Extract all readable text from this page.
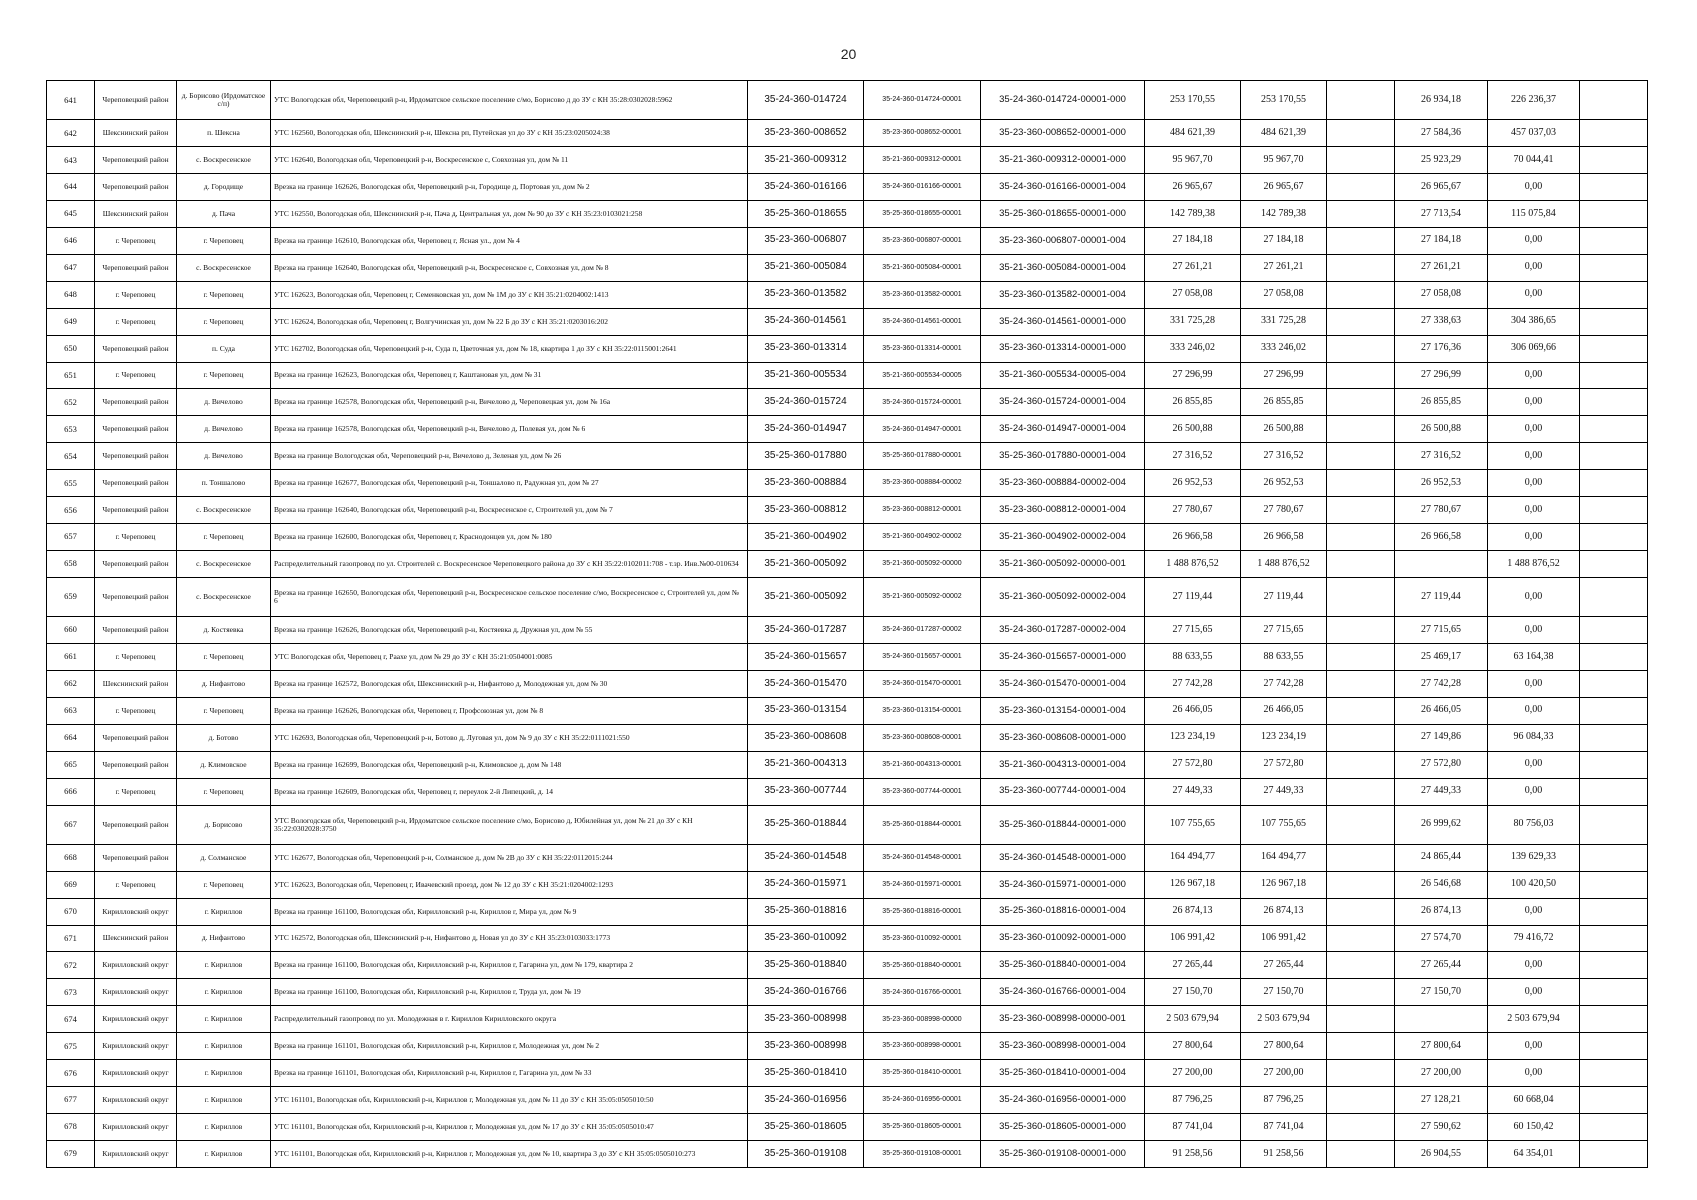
20
641	Череповецкий район	д. Борисово (Ирдоматское с/п)	УТС Вологодская обл, Череповецкий р-н, Ирдоматское сельское поселение с/мо, Борисово д до ЗУ с КН 35:28:0302028:5962	35-24-360-014724	35-24-360-014724-00001	35-24-360-014724-00001-000	253 170,55	253 170,55		26 934,18	226 236,37	
642	Шекснинский район	п. Шексна	УТС 162560, Вологодская обл, Шекснинский р-н, Шексна рп, Путейская ул до ЗУ с КН 35:23:0205024:38	35-23-360-008652	35-23-360-008652-00001	35-23-360-008652-00001-000	484 621,39	484 621,39		27 584,36	457 037,03	
643	Череповецкий район	с. Воскресенское	УТС 162640, Вологодская обл, Череповецкий р-н, Воскресенское с, Совхозная ул, дом № 11	35-21-360-009312	35-21-360-009312-00001	35-21-360-009312-00001-000	95 967,70	95 967,70		25 923,29	70 044,41	
644	Череповецкий район	д. Городище	Врезка на границе 162626, Вологодская обл, Череповецкий р-н, Городище д, Портовая ул, дом № 2	35-24-360-016166	35-24-360-016166-00001	35-24-360-016166-00001-004	26 965,67	26 965,67		26 965,67	0,00	
645	Шекснинский район	д. Пача	УТС 162550, Вологодская обл, Шекснинский р-н, Пача д, Центральная ул, дом № 90 до ЗУ с КН 35:23:0103021:258	35-25-360-018655	35-25-360-018655-00001	35-25-360-018655-00001-000	142 789,38	142 789,38		27 713,54	115 075,84	
646	г. Череповец	г. Череповец	Врезка на границе 162610, Вологодская обл, Череповец г, Ясная ул., дом № 4	35-23-360-006807	35-23-360-006807-00001	35-23-360-006807-00001-004	27 184,18	27 184,18		27 184,18	0,00	
647	Череповецкий район	с. Воскресенское	Врезка на границе 162640, Вологодская обл, Череповецкий р-н, Воскресенское с, Совхозная ул, дом № 8	35-21-360-005084	35-21-360-005084-00001	35-21-360-005084-00001-004	27 261,21	27 261,21		27 261,21	0,00	
648	г. Череповец	г. Череповец	УТС 162623, Вологодская обл, Череповец г, Семенковская ул, дом № 1М до ЗУ с КН 35:21:0204002:1413	35-23-360-013582	35-23-360-013582-00001	35-23-360-013582-00001-004	27 058,08	27 058,08		27 058,08	0,00	
649	г. Череповец	г. Череповец	УТС 162624, Вологодская обл, Череповец г, Волгучинская ул, дом № 22 Б до ЗУ с КН 35:21:0203016:202	35-24-360-014561	35-24-360-014561-00001	35-24-360-014561-00001-000	331 725,28	331 725,28		27 338,63	304 386,65	
650	Череповецкий район	п. Суда	УТС 162702, Вологодская обл, Череповецкий р-н, Суда п, Цветочная ул, дом № 18, квартира 1 до ЗУ с КН 35:22:0115001:2641	35-23-360-013314	35-23-360-013314-00001	35-23-360-013314-00001-000	333 246,02	333 246,02		27 176,36	306 069,66	
651	г. Череповец	г. Череповец	Врезка на границе 162623, Вологодская обл, Череповец г, Каштановая ул, дом № 31	35-21-360-005534	35-21-360-005534-00005	35-21-360-005534-00005-004	27 296,99	27 296,99		27 296,99	0,00	
652	Череповецкий район	д. Вичелово	Врезка на границе 162578, Вологодская обл, Череповецкий р-н, Вичелово д, Череповецкая ул, дом № 16а	35-24-360-015724	35-24-360-015724-00001	35-24-360-015724-00001-004	26 855,85	26 855,85		26 855,85	0,00	
653	Череповецкий район	д. Вичелово	Врезка на границе 162578, Вологодская обл, Череповецкий р-н, Вичелово д, Полевая ул, дом № 6	35-24-360-014947	35-24-360-014947-00001	35-24-360-014947-00001-004	26 500,88	26 500,88		26 500,88	0,00	
654	Череповецкий район	д. Вичелово	Врезка на границе Вологодская обл, Череповецкий р-н, Вичелово д, Зеленая ул, дом № 26	35-25-360-017880	35-25-360-017880-00001	35-25-360-017880-00001-004	27 316,52	27 316,52		27 316,52	0,00	
655	Череповецкий район	п. Тоншалово	Врезка на границе 162677, Вологодская обл, Череповецкий р-н, Тоншалово п, Радужная ул, дом № 27	35-23-360-008884	35-23-360-008884-00002	35-23-360-008884-00002-004	26 952,53	26 952,53		26 952,53	0,00	
656	Череповецкий район	с. Воскресенское	Врезка на границе 162640, Вологодская обл, Череповецкий р-н, Воскресенское с, Строителей ул, дом № 7	35-23-360-008812	35-23-360-008812-00001	35-23-360-008812-00001-004	27 780,67	27 780,67		27 780,67	0,00	
657	г. Череповец	г. Череповец	Врезка на границе 162600, Вологодская обл, Череповец г, Краснодонцев ул, дом № 180	35-21-360-004902	35-21-360-004902-00002	35-21-360-004902-00002-004	26 966,58	26 966,58		26 966,58	0,00	
658	Череповецкий район	с. Воскресенское	Распределительный газопровод по ул. Строителей с. Воскресенское Череповецкого района до ЗУ с КН 35:22:0102011:708 - т.зр. Инв.№00-010634	35-21-360-005092	35-21-360-005092-00000	35-21-360-005092-00000-001	1 488 876,52	1 488 876,52			1 488 876,52	
659	Череповецкий район	с. Воскресенское	Врезка на границе 162650, Вологодская обл, Череповецкий р-н, Воскресенское сельское поселение с/мо, Воскресенское с, Строителей ул, дом № 6	35-21-360-005092	35-21-360-005092-00002	35-21-360-005092-00002-004	27 119,44	27 119,44		27 119,44	0,00	
660	Череповецкий район	д. Костяевка	Врезка на границе 162626, Вологодская обл, Череповецкий р-н, Костяевка д, Дружная ул, дом № 55	35-24-360-017287	35-24-360-017287-00002	35-24-360-017287-00002-004	27 715,65	27 715,65		27 715,65	0,00	
661	г. Череповец	г. Череповец	УТС Вологодская обл, Череповец г, Раахе ул, дом № 29 до ЗУ с КН 35:21:0504001:0085	35-24-360-015657	35-24-360-015657-00001	35-24-360-015657-00001-000	88 633,55	88 633,55		25 469,17	63 164,38	
662	Шекснинский район	д. Нифантово	Врезка на границе 162572, Вологодская обл, Шекснинский р-н, Нифантово д, Молодежная ул, дом № 30	35-24-360-015470	35-24-360-015470-00001	35-24-360-015470-00001-004	27 742,28	27 742,28		27 742,28	0,00	
663	г. Череповец	г. Череповец	Врезка на границе 162626, Вологодская обл, Череповец г, Профсоюзная ул, дом № 8	35-23-360-013154	35-23-360-013154-00001	35-23-360-013154-00001-004	26 466,05	26 466,05		26 466,05	0,00	
664	Череповецкий район	д. Ботово	УТС 162693, Вологодская обл, Череповецкий р-н, Ботово д, Луговая ул, дом № 9 до ЗУ с КН 35:22:0111021:550	35-23-360-008608	35-23-360-008608-00001	35-23-360-008608-00001-000	123 234,19	123 234,19		27 149,86	96 084,33	
665	Череповецкий район	д. Климовское	Врезка на границе 162699, Вологодская обл, Череповецкий р-н, Климовское д, дом № 148	35-21-360-004313	35-21-360-004313-00001	35-21-360-004313-00001-004	27 572,80	27 572,80		27 572,80	0,00	
666	г. Череповец	г. Череповец	Врезка на границе 162609, Вологодская обл, Череповец г, переулок 2-й Липецкий, д. 14	35-23-360-007744	35-23-360-007744-00001	35-23-360-007744-00001-004	27 449,33	27 449,33		27 449,33	0,00	
667	Череповецкий район	д. Борисово	УТС Вологодская обл, Череповецкий р-н, Ирдоматское сельское поселение с/мо, Борисово д, Юбилейная ул, дом № 21 до ЗУ с КН 35:22:0302028:3750	35-25-360-018844	35-25-360-018844-00001	35-25-360-018844-00001-000	107 755,65	107 755,65		26 999,62	80 756,03	
668	Череповецкий район	д. Солманское	УТС 162677, Вологодская обл, Череповецкий р-н, Солманское д, дом № 2В до ЗУ с КН 35:22:0112015:244	35-24-360-014548	35-24-360-014548-00001	35-24-360-014548-00001-000	164 494,77	164 494,77		24 865,44	139 629,33	
669	г. Череповец	г. Череповец	УТС 162623, Вологодская обл, Череповец г, Ивачевский проезд, дом № 12 до ЗУ с КН 35:21:0204002:1293	35-24-360-015971	35-24-360-015971-00001	35-24-360-015971-00001-000	126 967,18	126 967,18		26 546,68	100 420,50	
670	Кирилловский округ	г. Кириллов	Врезка на границе 161100, Вологодская обл, Кирилловский р-н, Кириллов г, Мира ул, дом № 9	35-25-360-018816	35-25-360-018816-00001	35-25-360-018816-00001-004	26 874,13	26 874,13		26 874,13	0,00	
671	Шекснинский район	д. Нифантово	УТС 162572, Вологодская обл, Шекснинский р-н, Нифантово д, Новая ул до ЗУ с КН 35:23:0103033:1773	35-23-360-010092	35-23-360-010092-00001	35-23-360-010092-00001-000	106 991,42	106 991,42		27 574,70	79 416,72	
672	Кирилловский округ	г. Кириллов	Врезка на границе 161100, Вологодская обл, Кирилловский р-н, Кириллов г, Гагарина ул, дом № 179, квартира 2	35-25-360-018840	35-25-360-018840-00001	35-25-360-018840-00001-004	27 265,44	27 265,44		27 265,44	0,00	
673	Кирилловский округ	г. Кириллов	Врезка на границе 161100, Вологодская обл, Кирилловский р-н, Кириллов г, Труда ул, дом № 19	35-24-360-016766	35-24-360-016766-00001	35-24-360-016766-00001-004	27 150,70	27 150,70		27 150,70	0,00	
674	Кирилловский округ	г. Кириллов	Распределительный газопровод по ул. Молодежная в г. Кириллов Кирилловского округа	35-23-360-008998	35-23-360-008998-00000	35-23-360-008998-00000-001	2 503 679,94	2 503 679,94			2 503 679,94	
675	Кирилловский округ	г. Кириллов	Врезка на границе 161101, Вологодская обл, Кирилловский р-н, Кириллов г, Молодежная ул, дом № 2	35-23-360-008998	35-23-360-008998-00001	35-23-360-008998-00001-004	27 800,64	27 800,64		27 800,64	0,00	
676	Кирилловский округ	г. Кириллов	Врезка на границе 161101, Вологодская обл, Кирилловский р-н, Кириллов г, Гагарина ул, дом № 33	35-25-360-018410	35-25-360-018410-00001	35-25-360-018410-00001-004	27 200,00	27 200,00		27 200,00	0,00	
677	Кирилловский округ	г. Кириллов	УТС 161101, Вологодская обл, Кирилловский р-н, Кириллов г, Молодежная ул, дом № 11 до ЗУ с КН 35:05:0505010:50	35-24-360-016956	35-24-360-016956-00001	35-24-360-016956-00001-000	87 796,25	87 796,25		27 128,21	60 668,04	
678	Кирилловский округ	г. Кириллов	УТС 161101, Вологодская обл, Кирилловский р-н, Кириллов г, Молодежная ул, дом № 17 до ЗУ с КН 35:05:0505010:47	35-25-360-018605	35-25-360-018605-00001	35-25-360-018605-00001-000	87 741,04	87 741,04		27 590,62	60 150,42	
679	Кирилловский округ	г. Кириллов	УТС 161101, Вологодская обл, Кирилловский р-н, Кириллов г, Молодежная ул, дом № 10, квартира 3 до ЗУ с КН 35:05:0505010:273	35-25-360-019108	35-25-360-019108-00001	35-25-360-019108-00001-000	91 258,56	91 258,56		26 904,55	64 354,01	
